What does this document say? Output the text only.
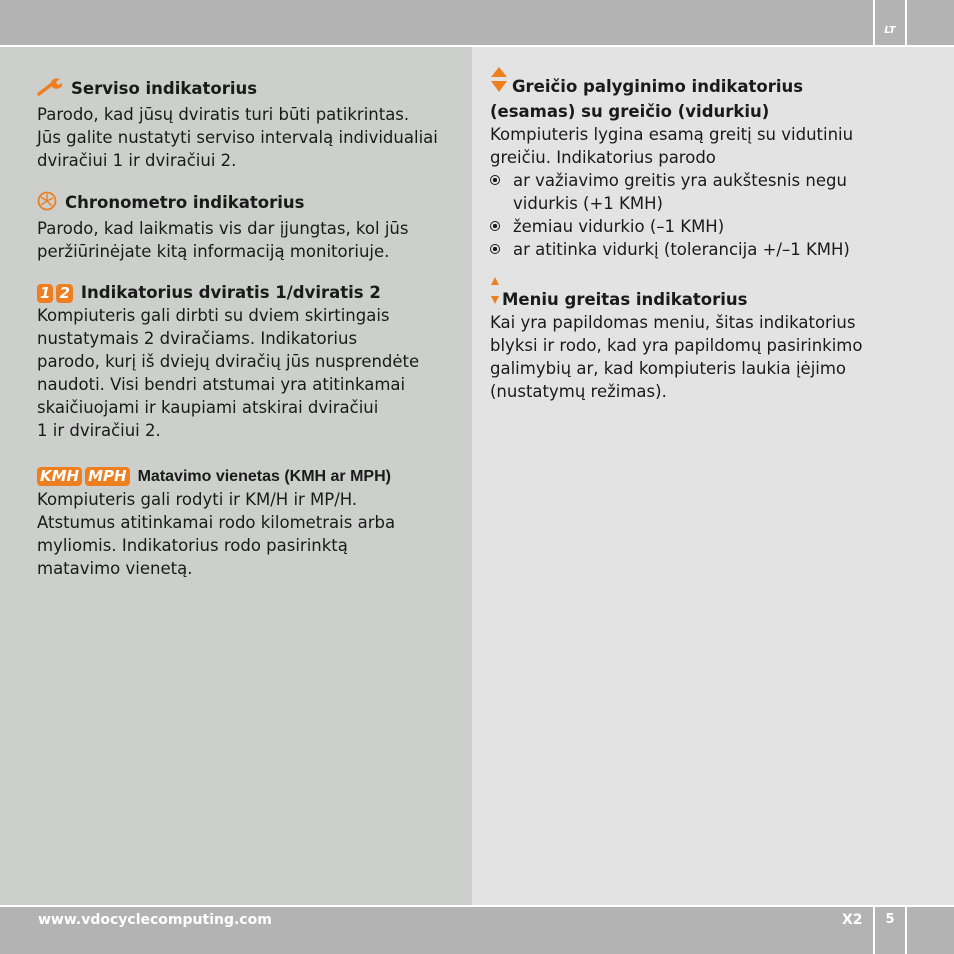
LT
Serviso indikatorius
Parodo, kad jūsų dviratis turi būti patikrintas.
Jūs galite nustatyti serviso intervalą individualiai
dviračiui 1 ir dviračiui 2.
Chronometro indikatorius
Parodo, kad laikmatis vis dar įjungtas, kol jūs
peržiūrinėjate kitą informaciją monitoriuje.
1 2 Indikatorius dviratis 1/dviratis 2
Kompiuteris gali dirbti su dviem skirtingais
nustatymais 2 dviračiams. Indikatorius
parodo, kurį iš dviejų dviračių jūs nusprendėte
naudoti. Visi bendri atstumai yra atitinkamai
skaičiuojami ir kaupiami atskirai dviračiui
1 ir dviračiui 2.
KMH MPH Matavimo vienetas (KMH ar MPH)
Kompiuteris gali rodyti ir KM/H ir MP/H.
Atstumus atitinkamai rodo kilometrais arba
myliomis. Indikatorius rodo pasirinktą
matavimo vienetą.
Greičio palyginimo indikatorius
(esamas) su greičio (vidurkiu)
Kompiuteris lygina esamą greitį su vidutiniu
greičiu. Indikatorius parodo
ar važiavimo greitis yra aukštesnis negu
vidurkis (+1 KMH)
žemiau vidurkio (–1 KMH)
ar atitinka vidurkį (tolerancija +/–1 KMH)
Meniu greitas indikatorius
Kai yra papildomas meniu, šitas indikatorius
blyksi ir rodo, kad yra papildomų pasirinkimo
galimybių ar, kad kompiuteris laukia įėjimo
(nustatymų režimas).
www.vdocyclecomputing.com	X2	5
